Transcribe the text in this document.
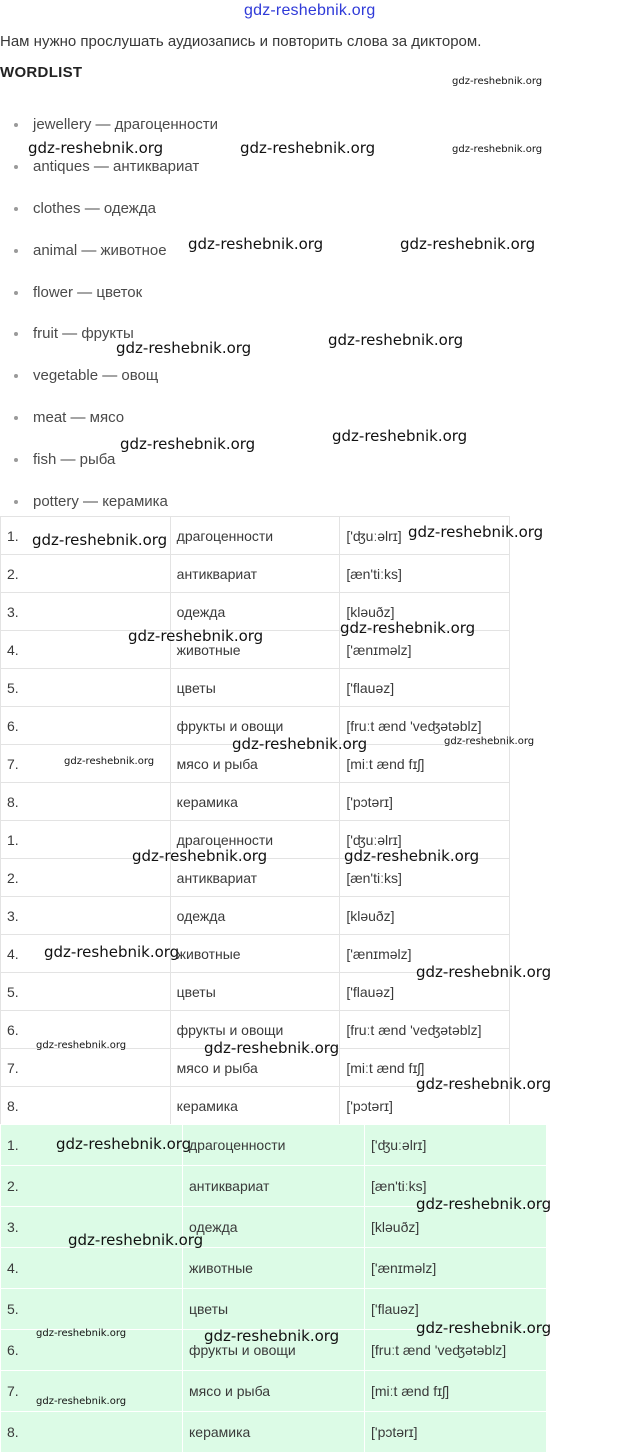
gdz-reshebnik.org
Нам нужно прослушать аудиозапись и повторить слова за диктором.
WORDLIST
jewellery — драгоценности
antiques — антиквариат
clothes — одежда
animal — животное
flower — цветок
fruit — фрукты
vegetable — овощ
meat — мясо
fish — рыба
pottery — керамика
1.	драгоценности	['ʤuːəlrɪ]
2.	антиквариат	[æn'tiːks]
3.	одежда	[kləuðz]
4.	животные	['ænɪməlz]
5.	цветы	['flauəz]
6.	фрукты и овощи	[fruːt ænd 'veʤətəblz]
7.	мясо и рыба	[miːt ænd fɪʃ]
8.	керамика	['pɔtərɪ]
1.	драгоценности	['ʤuːəlrɪ]
2.	антиквариат	[æn'tiːks]
3.	одежда	[kləuðz]
4.	животные	['ænɪməlz]
5.	цветы	['flauəz]
6.	фрукты и овощи	[fruːt ænd 'veʤətəblz]
7.	мясо и рыба	[miːt ænd fɪʃ]
8.	керамика	['pɔtərɪ]
1.	драгоценности	['ʤuːəlrɪ]
2.	антиквариат	[æn'tiːks]
3.	одежда	[kləuðz]
4.	животные	['ænɪməlz]
5.	цветы	['flauəz]
6.	фрукты и овощи	[fruːt ænd 'veʤətəblz]
7.	мясо и рыба	[miːt ænd fɪʃ]
8.	керамика	['pɔtərɪ]
gdz-reshebnik.org
gdz-reshebnik.org	gdz-reshebnik.org	gdz-reshebnik.org
gdz-reshebnik.org	gdz-reshebnik.org
gdz-reshebnik.org	gdz-reshebnik.org
gdz-reshebnik.org	gdz-reshebnik.org
gdz-reshebnik.org	gdz-reshebnik.org
gdz-reshebnik.org	gdz-reshebnik.org
gdz-reshebnik.org	gdz-reshebnik.org
gdz-reshebnik.org
gdz-reshebnik.org	gdz-reshebnik.org
gdz-reshebnik.org
gdz-reshebnik.org
gdz-reshebnik.org	gdz-reshebnik.org
gdz-reshebnik.org
gdz-reshebnik.org
gdz-reshebnik.org
gdz-reshebnik.org
gdz-reshebnik.org	gdz-reshebnik.org	gdz-reshebnik.org
gdz-reshebnik.org
